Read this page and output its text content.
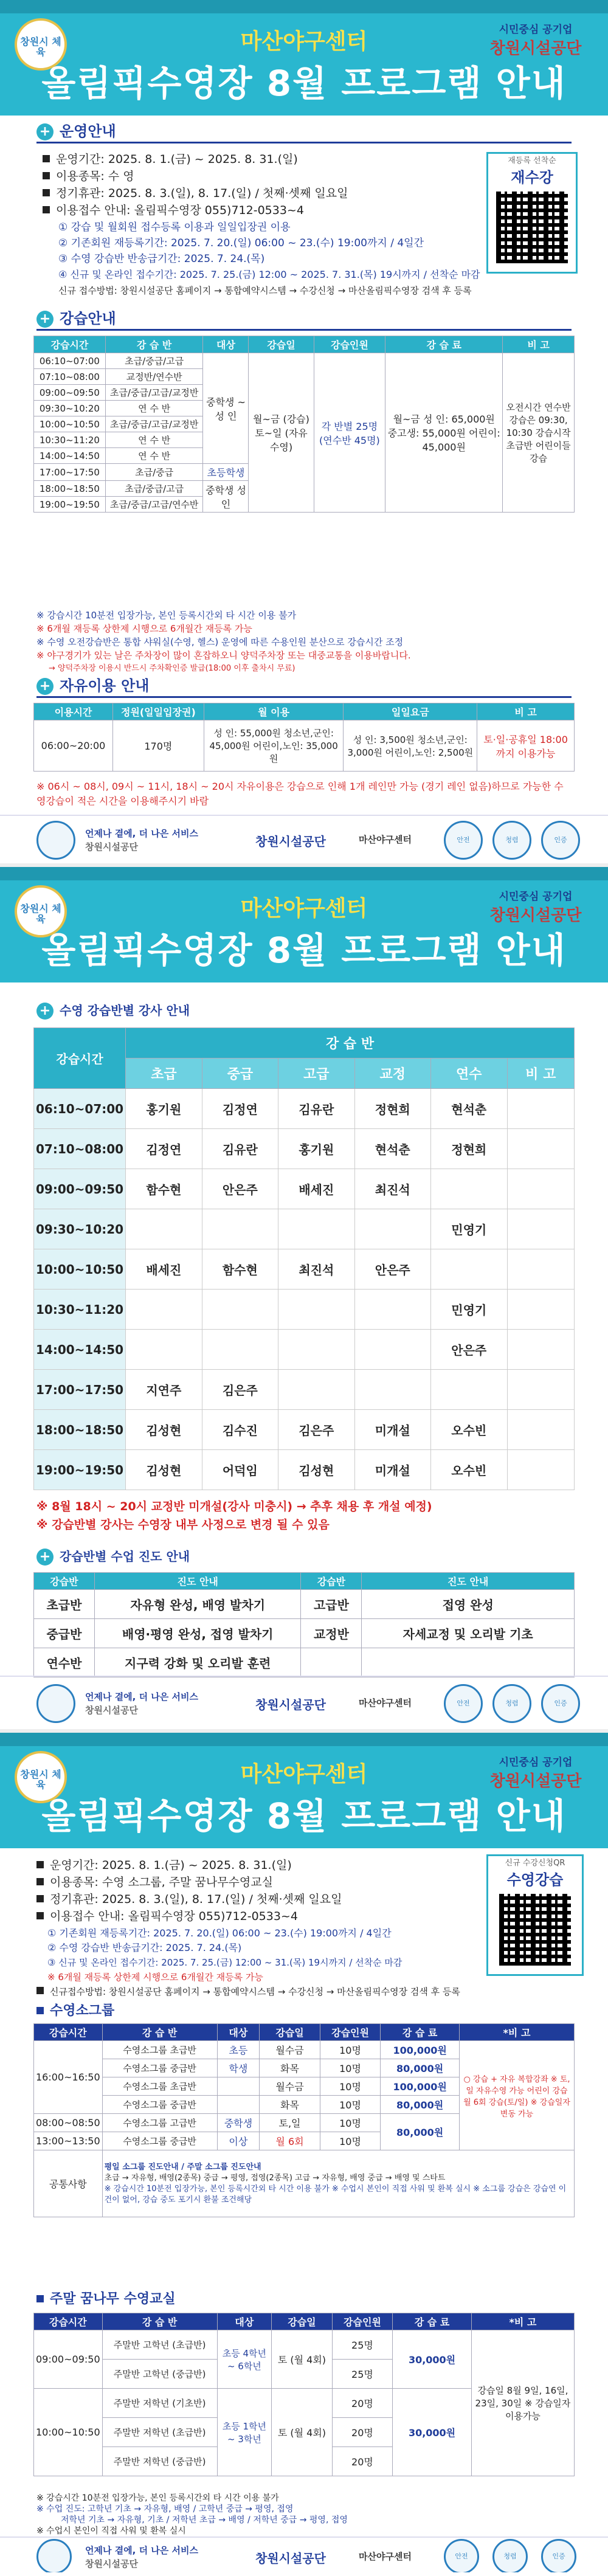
창원시 체육	마산야구센터
올림픽수영장 8월 프로그램 안내
시민중심 공기업
창원시설공단
+ 운영안내
운영기간: 2025. 8. 1.(금) ~ 2025. 8. 31.(일)
이용종목: 수 영
정기휴관: 2025. 8. 3.(일), 8. 17.(일) / 첫째·셋째 일요일
이용접수 안내: 올림픽수영장 055)712-0533~4
① 강습 및 월회원 접수등록 이용과 일일입장권 이용
② 기존회원 재등록기간: 2025. 7. 20.(일) 06:00 ~ 23.(수) 19:00까지 / 4일간
③ 수영 강습반 반송급기간: 2025. 7. 24.(목)
④ 신규 및 온라인 접수기간: 2025. 7. 25.(금) 12:00 ~ 2025. 7. 31.(목) 19시까지 / 선착순 마감
신규 접수방법: 창원시설공단 홈페이지 → 통합예약시스템 → 수강신청 → 마산올림픽수영장 검색 후 등록
재등록 선착순
재수강
+ 강습안내
강습시간	강 습 반	대상	강습일	강습인원	강 습 료	비 고
06:10~07:00	초급/중급/고급	중학생 ~ 성 인	월~금 (강습) 토~일 (자유수영)	각 반별 25명 (연수반 45명)	월~금 성 인: 65,000원 중고생: 55,000원 어린이: 45,000원	오전시간 연수반 강습은 09:30, 10:30 강습시작 초급반 어린이들 강습
07:10~08:00	교정반/연수반					
09:00~09:50	초급/중급/고급/교정반					
09:30~10:20	연 수 반					
10:00~10:50	초급/중급/고급/교정반					
10:30~11:20	연 수 반					
14:00~14:50	연 수 반					
17:00~17:50	초급/중급	초등학생				
18:00~18:50	초급/중급/고급	중학생 성 인				
19:00~19:50	초급/중급/고급/연수반					
※ 강습시간 10분전 입장가능, 본인 등록시간외 타 시간 이용 불가
※ 6개월 재등록 상한제 시행으로 6개월간 재등록 가능
※ 수영 오전강습반은 통합 샤워실(수영, 헬스) 운영에 따른 수용인원 분산으로 강습시간 조정
※ 야구경기가 있는 날은 주차장이 많이 혼잡하오니 양덕주차장 또는 대중교통을 이용바랍니다.
→ 양덕주차장 이용시 반드시 주차확인증 발급(18:00 이후 출차시 무료)
+ 자유이용 안내
이용시간	정원(일일입장권)	월 이용	일일요금	비 고
06:00~20:00	170명	성 인: 55,000원 청소년,군인: 45,000원 어린이,노인: 35,000원	성 인: 3,500원 청소년,군인: 3,000원 어린이,노인: 2,500원	토·일·공휴일 18:00까지 이용가능
※ 06시 ~ 08시, 09시 ~ 11시, 18시 ~ 20시 자유이용은 강습으로 인해 1개 레인만 가능 (경기 레인 없음)하므로 가능한 수영강습이 적은 시간을 이용해주시기 바람
언제나 곁에, 더 나은 서비스
창원시설공단	창원시설공단	마산야구센터	안전	청렴	인증
창원시 체육	마산야구센터
올림픽수영장 8월 프로그램 안내
시민중심 공기업
창원시설공단
+ 수영 강습반별 강사 안내
강습시간	강 습 반					
	초급	중급	고급	교정	연수	비 고
06:10~07:00	홍기원	김정연	김유란	정현희	현석춘	
07:10~08:00	김정연	김유란	홍기원	현석춘	정현희	
09:00~09:50	함수현	안은주	배세진	최진석		
09:30~10:20					민영기	
10:00~10:50	배세진	함수현	최진석	안은주		
10:30~11:20					민영기	
14:00~14:50					안은주	
17:00~17:50	지연주	김은주				
18:00~18:50	김성현	김수진	김은주	미개설	오수빈	
19:00~19:50	김성현	어덕임	김성현	미개설	오수빈	
※ 8월 18시 ~ 20시 교정반 미개설(강사 미충시) → 추후 채용 후 개설 예정)
※ 강습반별 강사는 수영장 내부 사정으로 변경 될 수 있음
+ 강습반별 수업 진도 안내
강습반	진도 안내	강습반	진도 안내
초급반	자유형 완성, 배영 발차기	고급반	접영 완성
중급반	배영·평영 완성, 접영 발차기	교정반	자세교정 및 오리발 기초
연수반	지구력 강화 및 오리발 훈련		
언제나 곁에, 더 나은 서비스
창원시설공단	창원시설공단	마산야구센터	안전	청렴	인증
창원시 체육	마산야구센터
올림픽수영장 8월 프로그램 안내
시민중심 공기업
창원시설공단
운영기간: 2025. 8. 1.(금) ~ 2025. 8. 31.(일)
이용종목: 수영 소그룹, 주말 꿈나무수영교실
정기휴관: 2025. 8. 3.(일), 8. 17.(일) / 첫째·셋째 일요일
이용접수 안내: 올림픽수영장 055)712-0533~4
① 기존회원 재등록기간: 2025. 7. 20.(일) 06:00 ~ 23.(수) 19:00까지 / 4일간
② 수영 강습반 반송급기간: 2025. 7. 24.(목)
③ 신규 및 온라인 접수기간: 2025. 7. 25.(금) 12:00 ~ 31.(목) 19시까지 / 선착순 마감
※ 6개월 재등록 상한제 시행으로 6개월간 재등록 가능
신규접수방법: 창원시설공단 홈페이지 → 통합예약시스템 → 수강신청 → 마산올림픽수영장 검색 후 등록
신규 수강신청QR
수영강습
수영소그룹
강습시간	강 습 반	대상	강습일	강습인원	강 습 료	*비 고
16:00~16:50	수영소그룹 초급반	초등	월수금	10명	100,000원	○ 강습 + 자유 복합강좌 ※ 토, 일 자유수영 가능 어린이 강습 월 6회 강습(토/일) ※ 강습일자 변동 가능
	수영소그룹 중급반	학생	화목	10명	80,000원	
	수영소그룹 초급반		월수금	10명	100,000원	
	수영소그룹 중급반		화목	10명	80,000원	
08:00~08:50	수영소그룹 고급반	중학생	토,일	10명	80,000원	
13:00~13:50	수영소그룹 중급반	이상	월 6회	10명		
공통사항	평일 소그룹 진도안내 / 주말 소그룹 진도안내
초급 → 자유형, 배영(2종목) 중급 → 평영, 접영(2종목) 고급 → 자유형, 배영 중급 → 배영 및 스타트
※ 강습시간 10분전 입장가능, 본인 등록시간외 타 시간 이용 불가 ※ 수업시 본인이 직접 사워 및 환복 실시 ※ 소그룹 강습은 강습연 이건이 없어, 강습 중도 포기시 환불 조건해당					
주말 꿈나무 수영교실
강습시간	강 습 반	대상	강습일	강습인원	강 습 료	*비 고
09:00~09:50	주말반 고학년 (초급반)	초등 4학년~ 6학년	토 (월 4회)	25명	30,000원	강습일 8월 9일, 16일, 23일, 30일 ※ 강습일자 이용가능
	주말반 고학년 (중급반)			25명		
10:00~10:50	주말반 저학년 (기초반)	초등 1학년~ 3학년	토 (월 4회)	20명	30,000원	
	주말반 저학년 (초급반)			20명		
	주말반 저학년 (중급반)			20명		
※ 강습시간 10분전 입장가능, 본인 등록시간외 타 시간 이용 불가
※ 수업 진도: 고학년 기초 → 자유형, 배영 / 고학년 중급 → 평영, 접영
저학년 기초 → 자유형, 기초 / 저학년 초급 → 배영 / 저학년 중급 → 평영, 접영
※ 수업시 본인이 직접 사워 및 환복 실시
언제나 곁에, 더 나은 서비스
창원시설공단	창원시설공단	마산야구센터	안전	청렴	인증
